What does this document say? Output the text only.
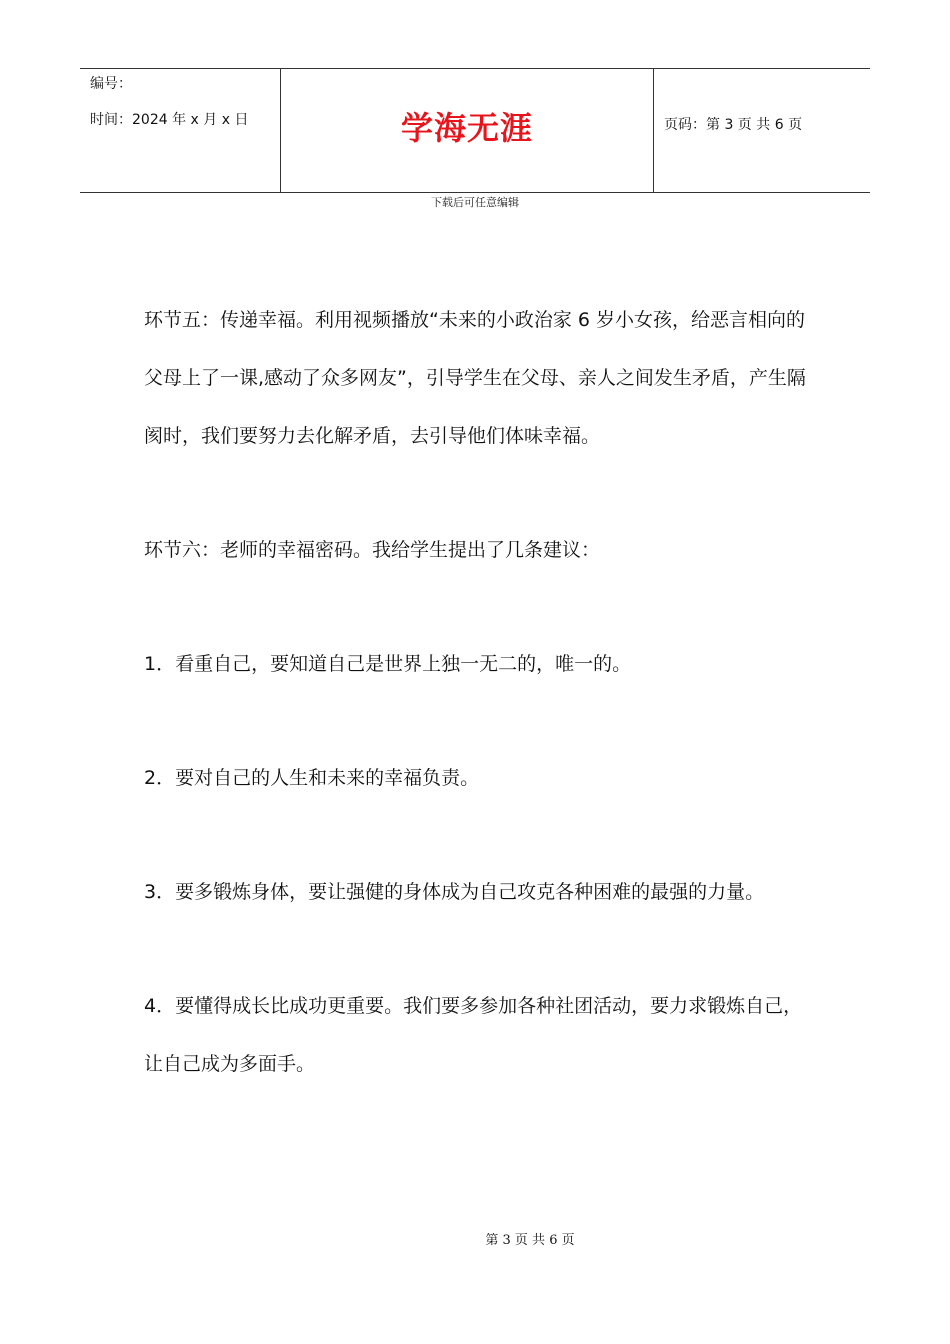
编号：
时间：2024 年 x 月 x 日	学海无涯	页码：第 3 页 共 6 页
下载后可任意编辑

环节五：传递幸福。利用视频播放“未来的小政治家 6 岁小女孩，给恶言相向的父母上了一课,感动了众多网友”，引导学生在父母、亲人之间发生矛盾，产生隔阂时，我们要努力去化解矛盾，去引导他们体味幸福。

环节六：老师的幸福密码。我给学生提出了几条建议：

1．看重自己，要知道自己是世界上独一无二的，唯一的。

2．要对自己的人生和未来的幸福负责。

3．要多锻炼身体，要让强健的身体成为自己攻克各种困难的最强的力量。

4．要懂得成长比成功更重要。我们要多参加各种社团活动，要力求锻炼自己，让自己成为多面手。

第 3 页 共 6 页
